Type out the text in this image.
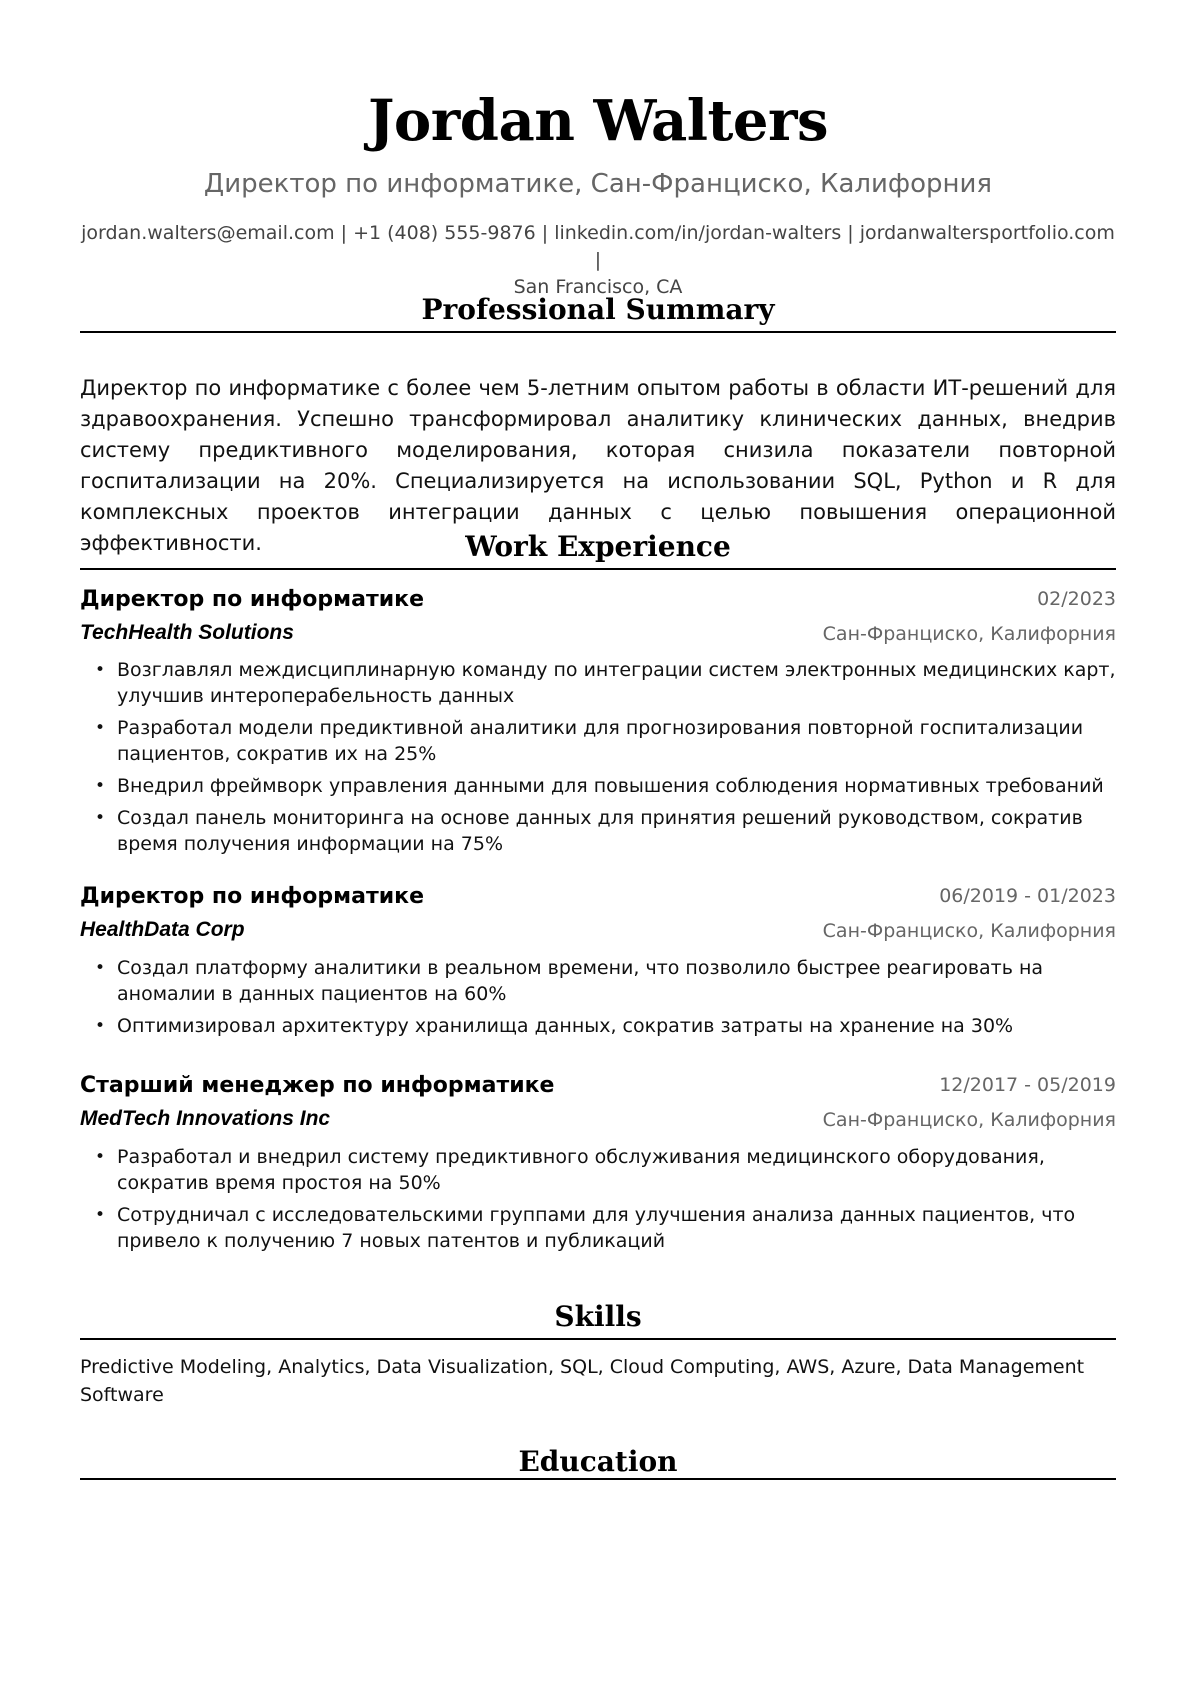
Jordan Walters
Директор по информатике, Сан-Франциско, Калифорния
jordan.walters@email.com | +1 (408) 555-9876 | linkedin.com/in/jordan-walters | jordanwaltersportfolio.com |
San Francisco, CA
Professional Summary
Директор по информатике с более чем 5-летним опытом работы в области ИТ-решений для здравоохранения. Успешно трансформировал аналитику клинических данных, внедрив систему предиктивного моделирования, которая снизила показатели повторной госпитализации на 20%. Специализируется на использовании SQL, Python и R для комплексных проектов интеграции данных с целью повышения операционной эффективности.	Work Experience
Директор по информатике	02/2023
TechHealth Solutions	Сан-Франциско, Калифорния
• Возглавлял междисциплинарную команду по интеграции систем электронных медицинских карт, улучшив интероперабельность данных
• Разработал модели предиктивной аналитики для прогнозирования повторной госпитализации пациентов, сократив их на 25%
• Внедрил фреймворк управления данными для повышения соблюдения нормативных требований
• Создал панель мониторинга на основе данных для принятия решений руководством, сократив время получения информации на 75%
Директор по информатике	06/2019 - 01/2023
HealthData Corp	Сан-Франциско, Калифорния
• Создал платформу аналитики в реальном времени, что позволило быстрее реагировать на аномалии в данных пациентов на 60%
• Оптимизировал архитектуру хранилища данных, сократив затраты на хранение на 30%
Старший менеджер по информатике	12/2017 - 05/2019
MedTech Innovations Inc	Сан-Франциско, Калифорния
• Разработал и внедрил систему предиктивного обслуживания медицинского оборудования, сократив время простоя на 50%
• Сотрудничал с исследовательскими группами для улучшения анализа данных пациентов, что привело к получению 7 новых патентов и публикаций
Skills
Predictive Modeling, Analytics, Data Visualization, SQL, Cloud Computing, AWS, Azure, Data Management Software
Education
